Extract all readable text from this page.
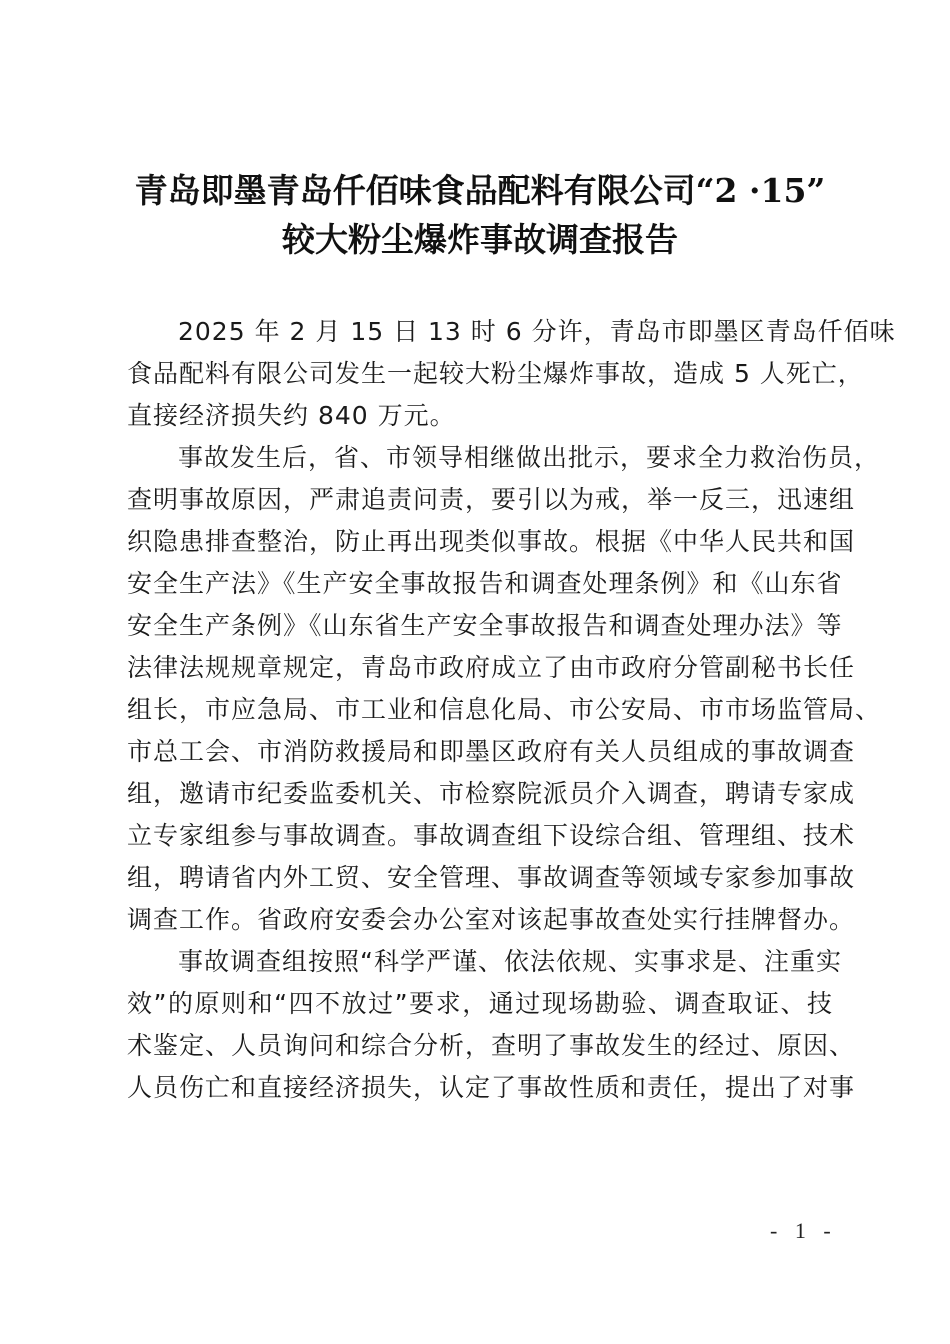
青岛即墨青岛仟佰味食品配料有限公司“2 ·15”
较大粉尘爆炸事故调查报告
2025 年 2 月 15 日 13 时 6 分许，青岛市即墨区青岛仟佰味
食品配料有限公司发生一起较大粉尘爆炸事故，造成 5 人死亡，
直接经济损失约 840 万元。
事故发生后，省、市领导相继做出批示，要求全力救治伤员，
查明事故原因，严肃追责问责，要引以为戒，举一反三，迅速组
织隐患排查整治，防止再出现类似事故。根据《中华人民共和国
安全生产法》《生产安全事故报告和调查处理条例》和《山东省
安全生产条例》《山东省生产安全事故报告和调查处理办法》等
法律法规规章规定，青岛市政府成立了由市政府分管副秘书长任
组长，市应急局、市工业和信息化局、市公安局、市市场监管局、
市总工会、市消防救援局和即墨区政府有关人员组成的事故调查
组，邀请市纪委监委机关、市检察院派员介入调查，聘请专家成
立专家组参与事故调查。事故调查组下设综合组、管理组、技术
组，聘请省内外工贸、安全管理、事故调查等领域专家参加事故
调查工作。省政府安委会办公室对该起事故查处实行挂牌督办。
事故调查组按照“科学严谨、依法依规、实事求是、注重实
效”的原则和“四不放过”要求，通过现场勘验、调查取证、技
术鉴定、人员询问和综合分析，查明了事故发生的经过、原因、
人员伤亡和直接经济损失，认定了事故性质和责任，提出了对事
- 1 -
